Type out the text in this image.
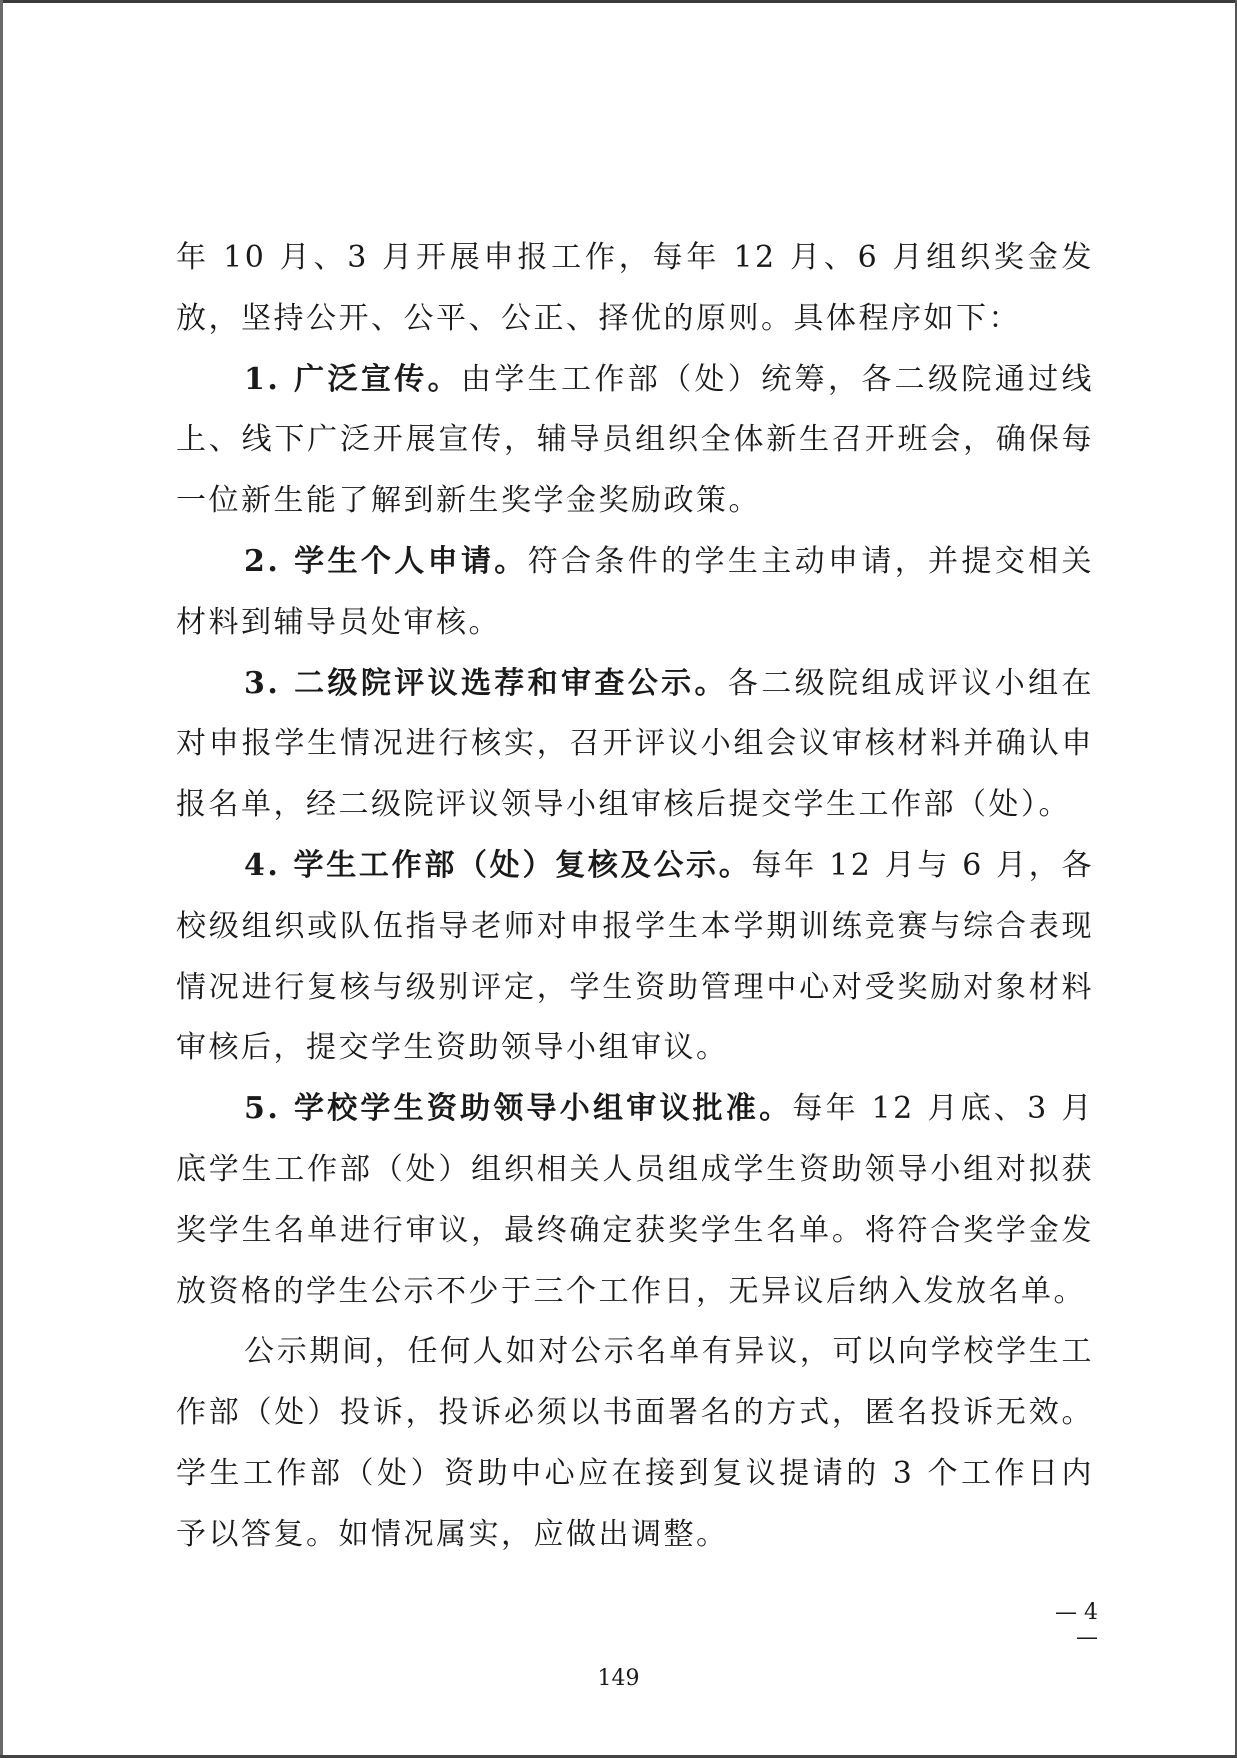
年 10 月、3 月开展申报工作，每年 12 月、6 月组织奖金发放，坚持公开、公平、公正、择优的原则。具体程序如下：

1. 广泛宣传。由学生工作部（处）统筹，各二级院通过线上、线下广泛开展宣传，辅导员组织全体新生召开班会，确保每一位新生能了解到新生奖学金奖励政策。

2. 学生个人申请。符合条件的学生主动申请，并提交相关材料到辅导员处审核。

3. 二级院评议选荐和审查公示。各二级院组成评议小组在对申报学生情况进行核实，召开评议小组会议审核材料并确认申报名单，经二级院评议领导小组审核后提交学生工作部（处）。

4. 学生工作部（处）复核及公示。每年 12 月与 6 月，各校级组织或队伍指导老师对申报学生本学期训练竞赛与综合表现情况进行复核与级别评定，学生资助管理中心对受奖励对象材料审核后，提交学生资助领导小组审议。

5. 学校学生资助领导小组审议批准。每年 12 月底、3 月底学生工作部（处）组织相关人员组成学生资助领导小组对拟获奖学生名单进行审议，最终确定获奖学生名单。将符合奖学金发放资格的学生公示不少于三个工作日，无异议后纳入发放名单。

公示期间，任何人如对公示名单有异议，可以向学校学生工作部（处）投诉，投诉必须以书面署名的方式，匿名投诉无效。学生工作部（处）资助中心应在接到复议提请的 3 个工作日内予以答复。如情况属实，应做出调整。

— 4 —
149
